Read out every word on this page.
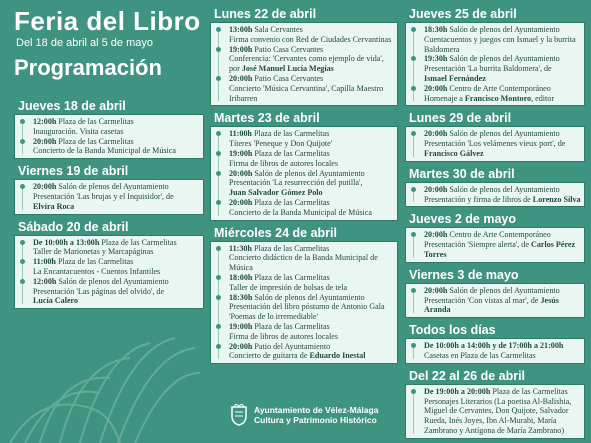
Feria del Libro
Del 18 de abril al 5 de mayo
Programación
Jueves 18 de abril
12:00h Plaza de las Carmelitas
Inauguración. Visita casetas
20:00h Plaza de las Carmelitas
Concierto de la Banda Municipal de Música
Viernes 19 de abril
20:00h Salón de plenos del Ayuntamiento
Presentación 'Las brujas y el Inquisidor', de
Elvira Roca
Sábado 20 de abril
De 10:00h a 13:00h Plaza de las Carmelitas
Taller de Marionetas y Marcapáginas
11:00h Plaza de las Carmelitas
La Encantacuentos - Cuentos Infantiles
12:00h Salón de plenos del Ayuntamiento
Presentación 'Las páginas del olvido', de
Lucía Calero
Lunes 22 de abril
13:00h Sala Cervantes
Firma convenio con Red de Ciudades Cervantinas
19:00h Patio Casa Cervantes
Conferencia: 'Cervantes como ejemplo de vida', por José Manuel Lucía Megías
20:00h Patio Casa Cervantes
Concierto 'Música Cervantina', Capilla Maestro Iribarren
Martes 23 de abril
11:00h Plaza de las Carmelitas
Títeres 'Peneque y Don Quijote'
19:00h Plaza de las Carmelitas
Firma de libros de autores locales
20:00h Salón de plenos del Ayuntamiento
Presentación 'La resurrección del putilla',
Juan Salvador Gómez Polo
20:00h Plaza de las Carmelitas
Concierto de la Banda Municipal de Música
Miércoles 24 de abril
11:30h Plaza de las Carmelitas
Concierto didáctico de la Banda Municipal de Música
18:00h Plaza de las Carmelitas
Taller de impresión de bolsas de tela
18:30h Salón de plenos del Ayuntamiento
Presentación del libro póstumo de Antonio Gala 'Poemas de lo irremediable'
19:00h Plaza de las Carmelitas
Firma de libros de autores locales
20:00h Patio del Ayuntamiento
Concierto de guitarra de Eduardo Inestal
Jueves 25 de abril
18:30h Salón de plenos del Ayuntamiento
Cuentacuentos y juegos con Ismael y la burrita Baldomera
19:30h Salón de plenos del Ayuntamiento
Presentación 'La burrita Baldomera', de
Ismael Fernández
20:00h Centro de Arte Contemporáneo
Homenaje a Francisco Montoro, editor
Lunes 29 de abril
20:00h Salón de plenos del Ayuntamiento
Presentación 'Los velámenes vieux port', de
Francisco Gálvez
Martes 30 de abril
20:00h Salón de plenos del Ayuntamiento
Presentación y firma de libros de Lorenzo Silva
Jueves 2 de mayo
20:00h Centro de Arte Contemporáneo
Presentación 'Siempre alerta', de Carlos Pérez Torres
Viernes 3 de mayo
20:00h Salón de plenos del Ayuntamiento
Presentación 'Con vistas al mar', de Jesús Aranda
Todos los días
De 10:00h a 14:00h y de 17:00h a 21:00h
Casetas en Plaza de las Carmelitas
Del 22 al 26 de abril
De 19:00h a 20:00h Plaza de las Carmelitas
Personajes Literarios (La poetisa Al-Balishia, Miguel de Cervantes, Don Quijote, Salvador Rueda, Inés Joyes, Ibn Al-Murabi, María Zambrano y Antígona de María Zambrano)
Ayuntamiento de Vélez-Málaga
Cultura y Patrimonio Histórico
